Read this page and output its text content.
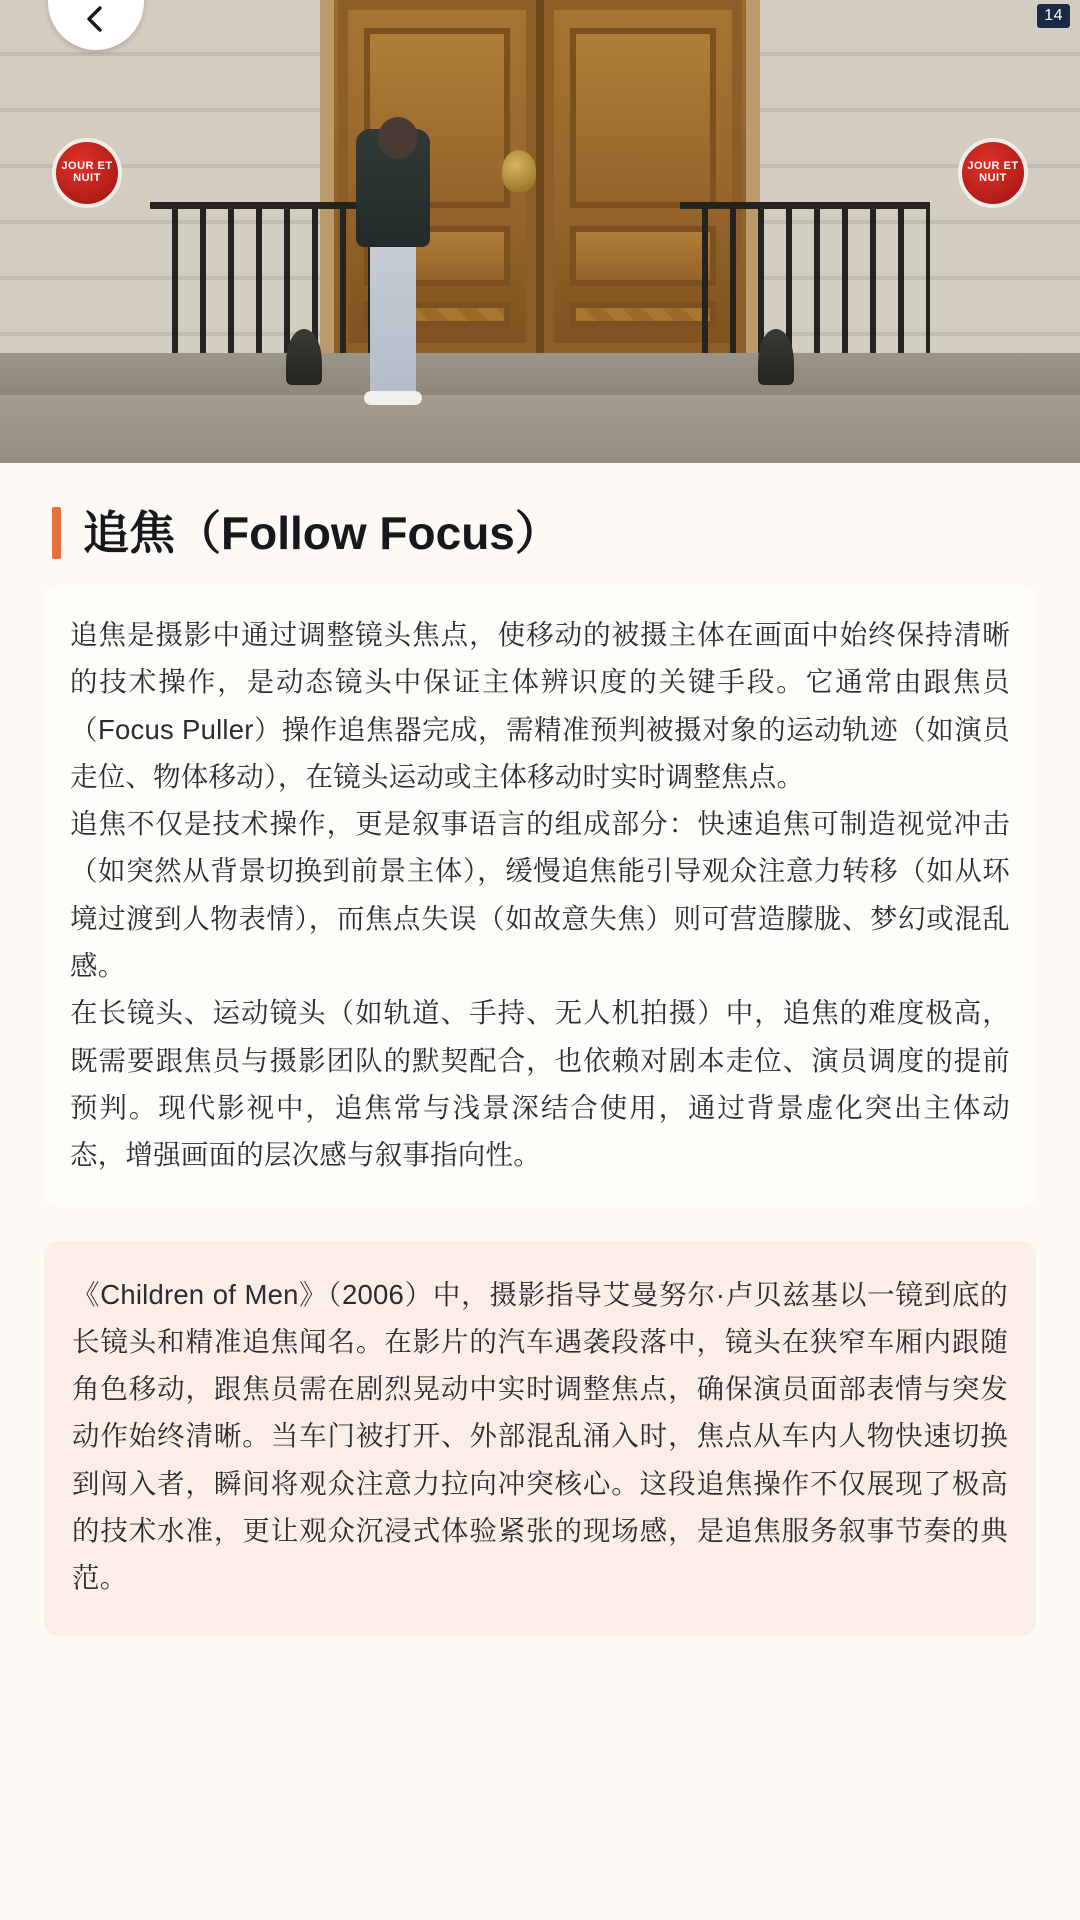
JOUR ET NUIT
JOUR ET NUIT
14
追焦（Follow Focus）

追焦是摄影中通过调整镜头焦点，使移动的被摄主体在画面中始终保持清晰的技术操作，是动态镜头中保证主体辨识度的关键手段。它通常由跟焦员（Focus Puller）操作追焦器完成，需精准预判被摄对象的运动轨迹（如演员走位、物体移动），在镜头运动或主体移动时实时调整焦点。

追焦不仅是技术操作，更是叙事语言的组成部分：快速追焦可制造视觉冲击（如突然从背景切换到前景主体），缓慢追焦能引导观众注意力转移（如从环境过渡到人物表情），而焦点失误（如故意失焦）则可营造朦胧、梦幻或混乱感。

在长镜头、运动镜头（如轨道、手持、无人机拍摄）中，追焦的难度极高，既需要跟焦员与摄影团队的默契配合，也依赖对剧本走位、演员调度的提前预判。现代影视中，追焦常与浅景深结合使用，通过背景虚化突出主体动态，增强画面的层次感与叙事指向性。

《Children of Men》（2006）中，摄影指导艾曼努尔·卢贝兹基以一镜到底的长镜头和精准追焦闻名。在影片的汽车遇袭段落中，镜头在狭窄车厢内跟随角色移动，跟焦员需在剧烈晃动中实时调整焦点，确保演员面部表情与突发动作始终清晰。当车门被打开、外部混乱涌入时，焦点从车内人物快速切换到闯入者，瞬间将观众注意力拉向冲突核心。这段追焦操作不仅展现了极高的技术水准，更让观众沉浸式体验紧张的现场感，是追焦服务叙事节奏的典范。
